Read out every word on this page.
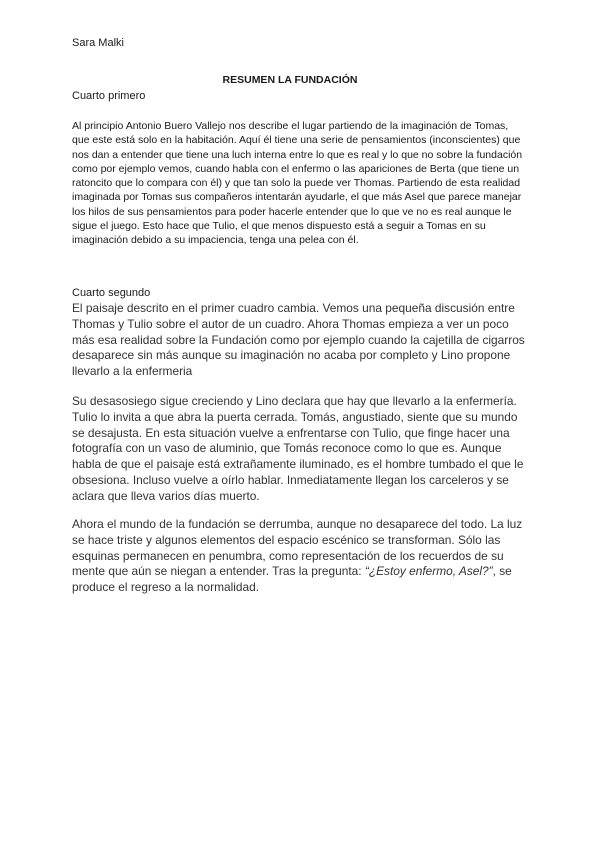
Sara Malki
RESUMEN LA FUNDACIÓN
Cuarto primero

Al principio Antonio Buero Vallejo nos describe el lugar partiendo de la imaginación de Tomas, que este está solo en la habitación. Aquí él tiene una serie de pensamientos (inconscientes) que nos dan a entender que tiene una luch interna entre lo que es real y lo que no sobre la fundación como por ejemplo vemos, cuando habla con el enfermo o las apariciones de Berta (que tiene un ratoncito que lo compara con él) y que tan solo la puede ver Thomas. Partiendo de esta realidad imaginada por Tomas sus compañeros intentarán ayudarle, el que más Asel que parece manejar los hilos de sus pensamientos para poder hacerle entender que lo que ve no es real aunque le sigue el juego. Esto hace que Tulio, el que menos dispuesto está a seguir a Tomas en su imaginación debido a su impaciencia, tenga una pelea con él.

Cuarto segundo

El paisaje descrito en el primer cuadro cambia. Vemos una pequeña discusión entre Thomas y Tulio sobre el autor de un cuadro. Ahora Thomas empieza a ver un poco más esa realidad sobre la Fundación como por ejemplo cuando la cajetilla de cigarros desaparece sin más aunque su imaginación no acaba por completo y Lino propone llevarlo a la enfermeria

Su desasosiego sigue creciendo y Lino declara que hay que llevarlo a la enfermería. Tulio lo invita a que abra la puerta cerrada. Tomás, angustiado, siente que su mundo se desajusta. En esta situación vuelve a enfrentarse con Tulio, que finge hacer una fotografía con un vaso de aluminio, que Tomás reconoce como lo que es. Aunque habla de que el paisaje está extrañamente iluminado, es el hombre tumbado el que le obsesiona. Incluso vuelve a oírlo hablar. Inmediatamente llegan los carceleros y se aclara que lleva varios días muerto.

Ahora el mundo de la fundación se derrumba, aunque no desaparece del todo. La luz se hace triste y algunos elementos del espacio escénico se transforman. Sólo las esquinas permanecen en penumbra, como representación de los recuerdos de su mente que aún se niegan a entender. Tras la pregunta: “¿Estoy enfermo, Asel?”, se produce el regreso a la normalidad.
